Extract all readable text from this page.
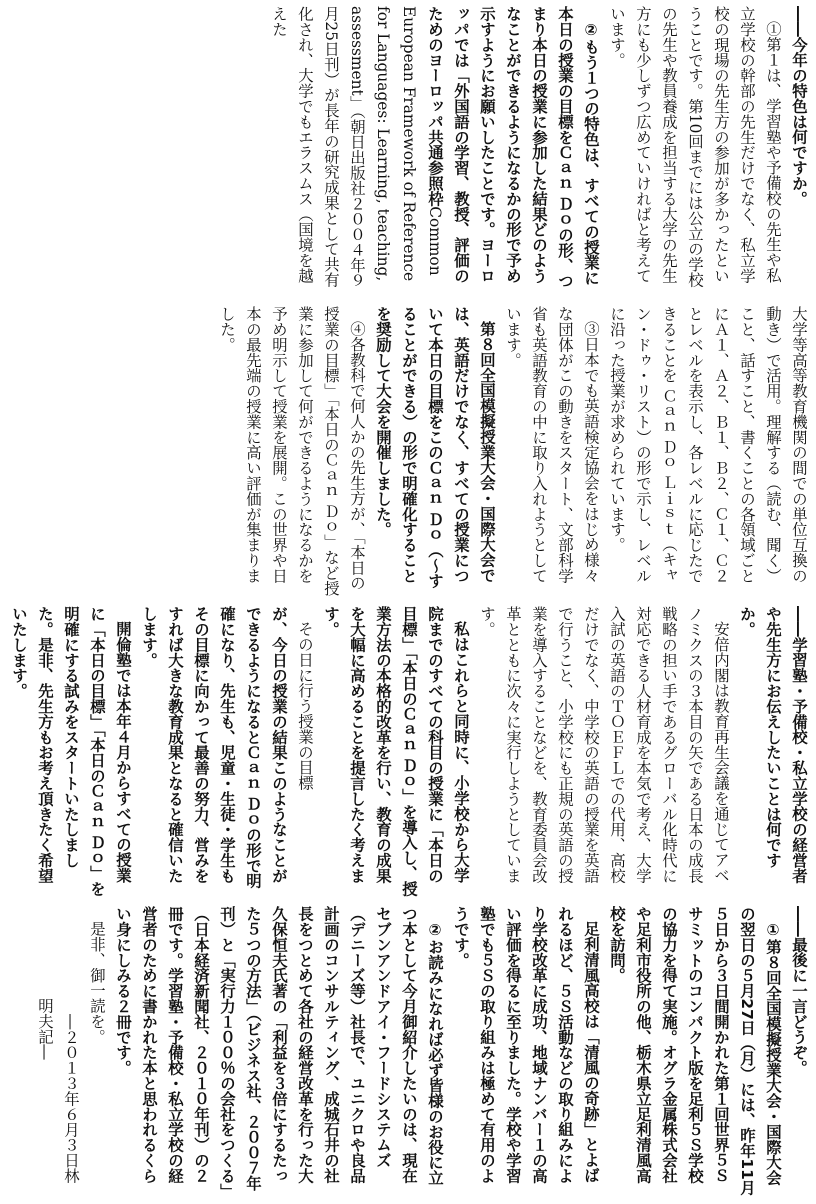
―― 今年の特色は何ですか。

①第１は、学習塾や予備校の先生や私立学校の幹部の先生だけでなく、私立学校の現場の先生方の参加が多かったということです。第10回までには公立の学校の先生や教員養成を担当する大学の先生方にも少しずつ広めていければと考えています。

②もう１つの特色は、すべての授業に本日の授業の目標をＣａｎ Ｄｏの形、つまり本日の授業に参加した結果どのようなことができるようになるかの形で予め示すようにお願いしたことです。ヨーロッパでは「外国語の学習、教授、評価のためのヨーロッパ共通参照枠Common European Framework of Reference for Languages: Learning, teaching, assessment」（朝日出版社２００４年９月25日刊）が長年の研究成果として共有化され、大学でもエラスムス（国境を越えた

大学等高等教育機関の間での単位互換の動き）で活用。理解する（読む、聞く）こと、話すこと、書くことの各領域ごとにＡ１、Ａ２、Ｂ１、Ｂ２、Ｃ１、Ｃ２とレベルを表示し、各レベルに応じたできることを Ｃａｎ Ｄｏ Ｌｉｓｔ（キャン・ドゥ・リスト）の形で示し、レベルに沿った授業が求められています。

③日本でも英語検定協会をはじめ様々な団体がこの動きをスタート、文部科学省も英語教育の中に取り入れようとしています。

第８回全国模擬授業大会・国際大会では、英語だけでなく、すべての授業について本日の目標をこのＣａｎ Ｄｏ（～することができる）の形で明確化することを奨励して大会を開催しました。

④各教科で何人かの先生方が、「本日の授業の目標」「本日のＣａｎ Ｄｏ」など授業に参加して何ができるようになるかを予め明示して授業を展開。この世界や日

本の最先端の授業に高い評価が集まりました。

―― 学習塾・予備校・私立学校の経営者や先生方にお伝えしたいことは何ですか。

安倍内閣は教育再生会議を通じてアベノミクスの３本目の矢である日本の成長戦略の担い手であるグローバル化時代に対応できる人材育成を本気で考え、大学入試の英語のＴＯＥＦＬでの代用、高校だけでなく、中学校の英語の授業を英語で行うこと、小学校にも正規の英語の授業を導入することなどを、教育委員会改革とともに次々に実行しようとしています。

私はこれらと同時に、小学校から大学院までのすべての科目の授業に「本日の目標」「本日のＣａｎ Ｄｏ」を導入し、授業方法の本格的改革を行い、教育の成果を大幅に高めることを提言したく考えます。

その日に行う授業の目標

が、今日の授業の結果このようなことができるようになるとＣａｎ Ｄｏの形で明確になり、先生も、児童・生徒・学生もその目標に向かって最善の努力、営みをすれば大きな教育成果となると確信いたします。

開倫塾では本年４月からすべての授業に「本日の目標」「本日のＣａｎ Ｄｏ」を明確にする試みをスタートいたしました。是非、先生方もお考え頂きたく希望いたします。

―― 最後に一言どうぞ。

①第８回全国模擬授業大会・国際大会の翌日の５月27日（月）には、昨年11月５日から３日間開かれた第１回世界５Ｓサミットのコンパクト版を足利５Ｓ学校の協力を得て実施。オグラ金属株式会社や足利市役所の他、栃木県立足利清風高校を訪問。

足利清風高校は「清風の奇跡」とよばれるほど、５Ｓ活動などの取り組みにより学校改革に成功、地域ナンバー１の高い評価を得るに至りました。学校や学習塾でも５Ｓの取り組みは極めて有用のようです。

②お読みになれば必ず皆様のお役に立つ本として今月御紹介したいのは、現在セブンアンドアイ・フードシステムズ（デニーズ等）社長で、ユニクロや良品計画のコンサルティング、成城石井の社長をつとめて各社の経営改革を行った大久保恒夫氏著の「利益を３倍にするたった５つの方法」（ビジネス社、２００７年刊）と「実行力１００％の会社をつくる」（日本経済新聞社、２０１０年刊）の２冊です。学習塾・予備校・私立学校の経営者のために書かれた本と思われるくらい身にしみる２冊です。

是非、御一読を。

―２０１３年６月３日林明夫記―
